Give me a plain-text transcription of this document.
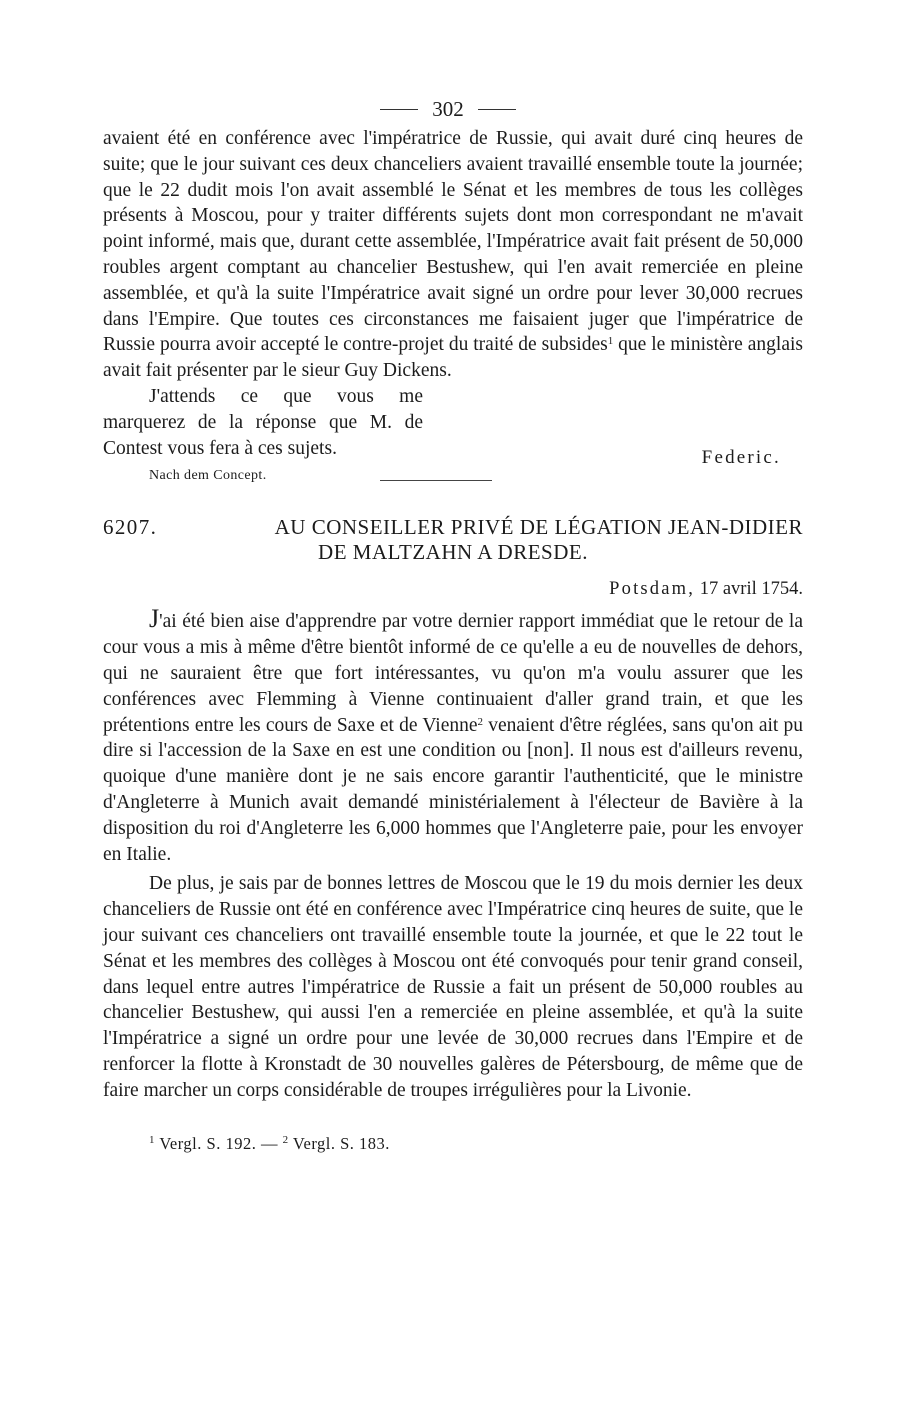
302

avaient été en conférence avec l'impératrice de Russie, qui avait duré cinq heures de suite; que le jour suivant ces deux chanceliers avaient travaillé ensemble toute la journée; que le 22 dudit mois l'on avait assemblé le Sénat et les membres de tous les collèges présents à Moscou, pour y traiter différents sujets dont mon correspondant ne m'avait point informé, mais que, durant cette assemblée, l'Impératrice avait fait présent de 50,000 roubles argent comptant au chancelier Bestushew, qui l'en avait remerciée en pleine assemblée, et qu'à la suite l'Impératrice avait signé un ordre pour lever 30,000 recrues dans l'Empire. Que toutes ces circonstances me faisaient juger que l'impératrice de Russie pourra avoir accepté le contre-projet du traité de subsides$^1$ que le ministère anglais avait fait présenter par le sieur Guy Dickens.

J'attends ce que vous me marquerez de la réponse que M. de Contest vous fera à ces sujets.	Federic.
Nach dem Concept.
6207.	AU CONSEILLER PRIVÉ DE LÉGATION JEAN-DIDIER
DE MALTZAHN A DRESDE.
Potsdam, 17 avril 1754.

J'ai été bien aise d'apprendre par votre dernier rapport immédiat que le retour de la cour vous a mis à même d'être bientôt informé de ce qu'elle a eu de nouvelles de dehors, qui ne sauraient être que fort intéressantes, vu qu'on m'a voulu assurer que les conférences avec Flemming à Vienne continuaient d'aller grand train, et que les prétentions entre les cours de Saxe et de Vienne$^2$ venaient d'être réglées, sans qu'on ait pu dire si l'accession de la Saxe en est une condition ou [non]. Il nous est d'ailleurs revenu, quoique d'une manière dont je ne sais encore garantir l'authenticité, que le ministre d'Angleterre à Munich avait demandé ministérialement à l'électeur de Bavière à la disposition du roi d'Angleterre les 6,000 hommes que l'Angleterre paie, pour les envoyer en Italie.

De plus, je sais par de bonnes lettres de Moscou que le 19 du mois dernier les deux chanceliers de Russie ont été en conférence avec l'Impératrice cinq heures de suite, que le jour suivant ces chanceliers ont travaillé ensemble toute la journée, et que le 22 tout le Sénat et les membres des collèges à Moscou ont été convoqués pour tenir grand conseil, dans lequel entre autres l'impératrice de Russie a fait un présent de 50,000 roubles au chancelier Bestushew, qui aussi l'en a remerciée en pleine assemblée, et qu'à la suite l'Impératrice a signé un ordre pour une levée de 30,000 recrues dans l'Empire et de renforcer la flotte à Kronstadt de 30 nouvelles galères de Pétersbourg, de même que de faire marcher un corps considérable de troupes irrégulières pour la Livonie.

$^1$ Vergl. S. 192. — $^2$ Vergl. S. 183.
